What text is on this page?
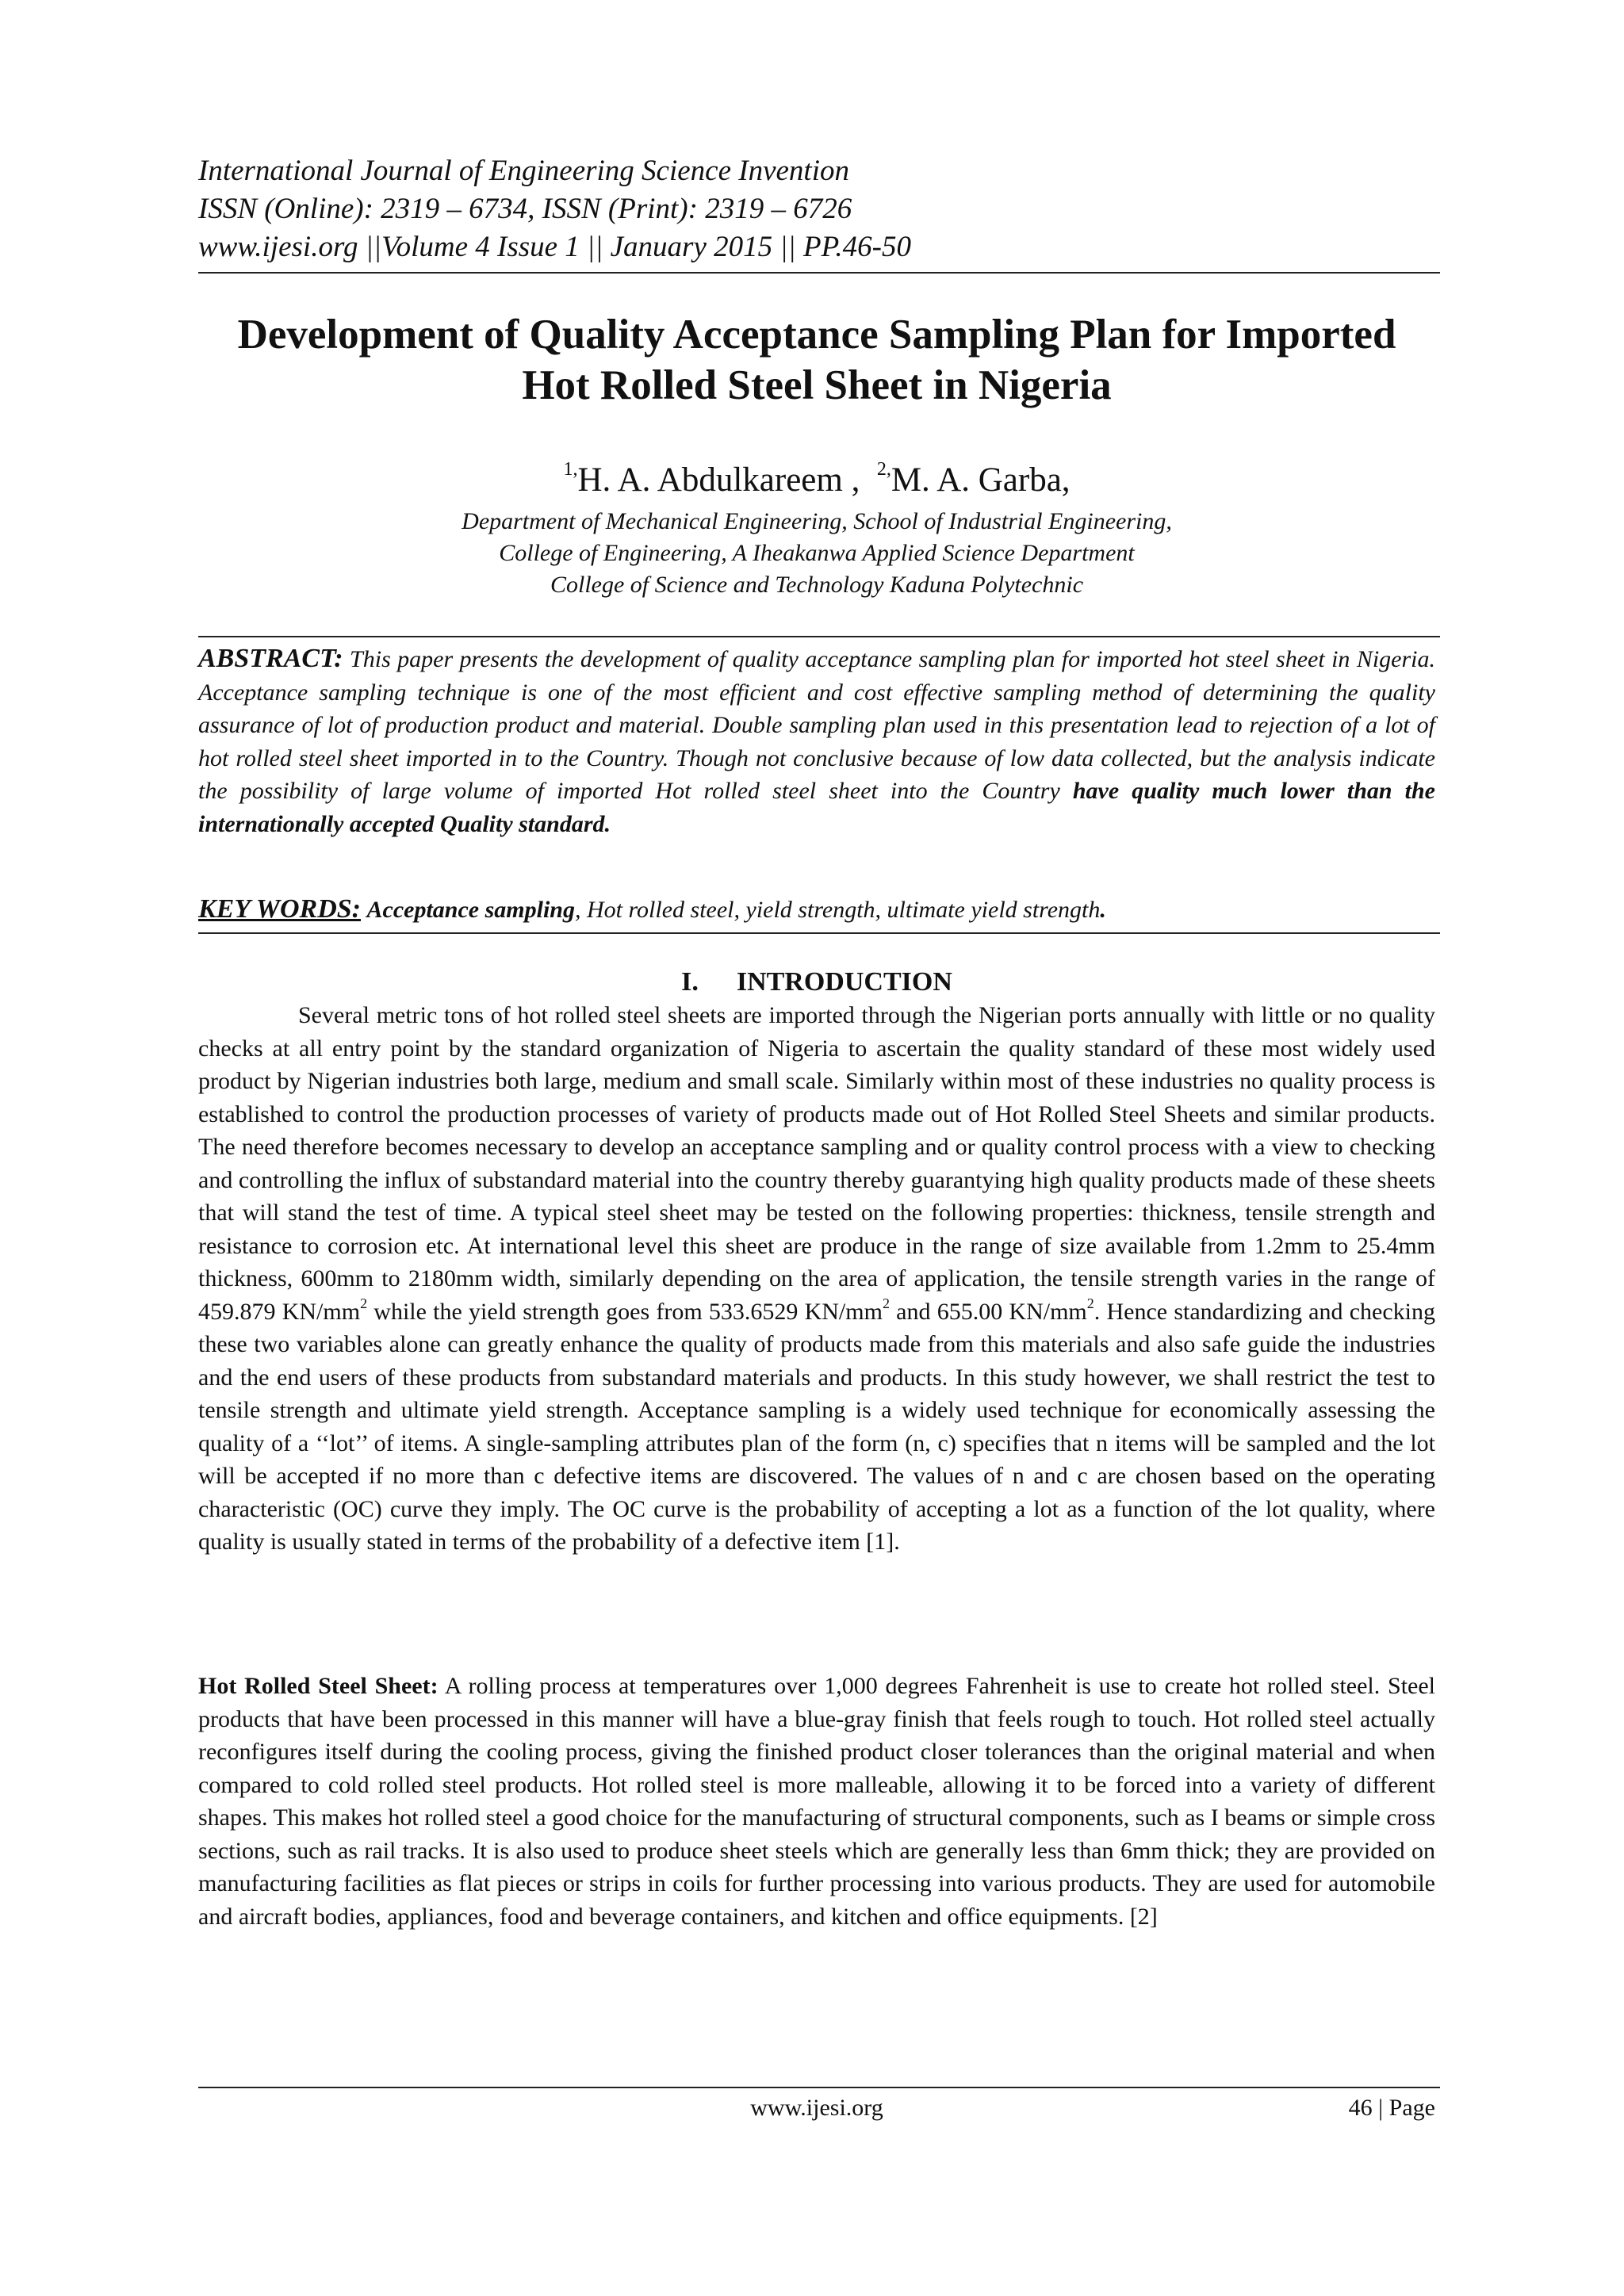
International Journal of Engineering Science Invention
ISSN (Online): 2319 – 6734, ISSN (Print): 2319 – 6726
www.ijesi.org ||Volume 4 Issue 1 || January 2015 || PP.46-50
Development of Quality Acceptance Sampling Plan for Imported
Hot Rolled Steel Sheet in Nigeria
$^{1,}$H. A. Abdulkareem , $^{2,}$M. A. Garba,
Department of Mechanical Engineering, School of Industrial Engineering,
College of Engineering, A Iheakanwa Applied Science Department
College of Science and Technology Kaduna Polytechnic
ABSTRACT: This paper presents the development of quality acceptance sampling plan for imported hot steel sheet in Nigeria. Acceptance sampling technique is one of the most efficient and cost effective sampling method of determining the quality assurance of lot of production product and material. Double sampling plan used in this presentation lead to rejection of a lot of hot rolled steel sheet imported in to the Country. Though not conclusive because of low data collected, but the analysis indicate the possibility of large volume of imported Hot rolled steel sheet into the Country have quality much lower than the internationally accepted Quality standard.
KEY WORDS: Acceptance sampling, Hot rolled steel, yield strength, ultimate yield strength.
I. INTRODUCTION

Several metric tons of hot rolled steel sheets are imported through the Nigerian ports annually with little or no quality checks at all entry point by the standard organization of Nigeria to ascertain the quality standard of these most widely used product by Nigerian industries both large, medium and small scale. Similarly within most of these industries no quality process is established to control the production processes of variety of products made out of Hot Rolled Steel Sheets and similar products. The need therefore becomes necessary to develop an acceptance sampling and or quality control process with a view to checking and controlling the influx of substandard material into the country thereby guarantying high quality products made of these sheets that will stand the test of time. A typical steel sheet may be tested on the following properties: thickness, tensile strength and resistance to corrosion etc. At international level this sheet are produce in the range of size available from 1.2mm to 25.4mm thickness, 600mm to 2180mm width, similarly depending on the area of application, the tensile strength varies in the range of 459.879 $KN/mm^2$ while the yield strength goes from 533.6529 $KN/mm^2$ and 655.00 $KN/mm^2$. Hence standardizing and checking these two variables alone can greatly enhance the quality of products made from this materials and also safe guide the industries and the end users of these products from substandard materials and products. In this study however, we shall restrict the test to tensile strength and ultimate yield strength. Acceptance sampling is a widely used technique for economically assessing the quality of a ‘‘lot’’ of items. A single-sampling attributes plan of the form (n, c) specifies that n items will be sampled and the lot will be accepted if no more than c defective items are discovered. The values of n and c are chosen based on the operating characteristic (OC) curve they imply. The OC curve is the probability of accepting a lot as a function of the lot quality, where quality is usually stated in terms of the probability of a defective item [1].

Hot Rolled Steel Sheet: A rolling process at temperatures over 1,000 degrees Fahrenheit is use to create hot rolled steel. Steel products that have been processed in this manner will have a blue-gray finish that feels rough to touch. Hot rolled steel actually reconfigures itself during the cooling process, giving the finished product closer tolerances than the original material and when compared to cold rolled steel products. Hot rolled steel is more malleable, allowing it to be forced into a variety of different shapes. This makes hot rolled steel a good choice for the manufacturing of structural components, such as I beams or simple cross sections, such as rail tracks. It is also used to produce sheet steels which are generally less than 6mm thick; they are provided on manufacturing facilities as flat pieces or strips in coils for further processing into various products. They are used for automobile and aircraft bodies, appliances, food and beverage containers, and kitchen and office equipments. [2]

www.ijesi.org	46 | Page
